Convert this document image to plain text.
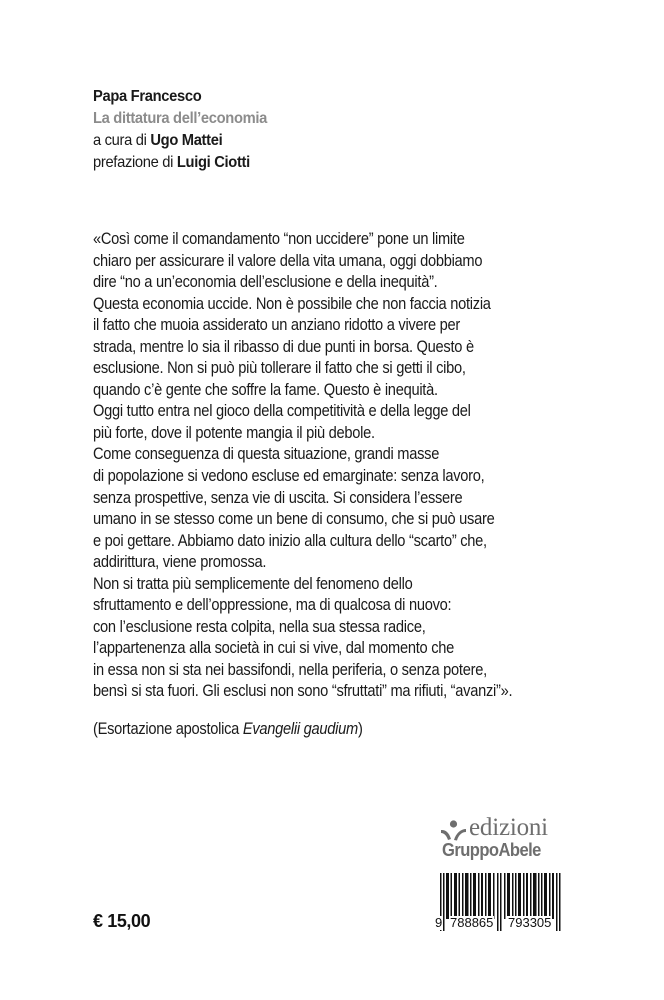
Papa Francesco
La dittatura dell’economia
a cura di Ugo Mattei
prefazione di Luigi Ciotti
«Così come il comandamento “non uccidere” pone un limite
chiaro per assicurare il valore della vita umana, oggi dobbiamo
dire “no a un’economia dell’esclusione e della inequità”.
Questa economia uccide. Non è possibile che non faccia notizia
il fatto che muoia assiderato un anziano ridotto a vivere per
strada, mentre lo sia il ribasso di due punti in borsa. Questo è
esclusione. Non si può più tollerare il fatto che si getti il cibo,
quando c’è gente che soffre la fame. Questo è inequità.
Oggi tutto entra nel gioco della competitività e della legge del
più forte, dove il potente mangia il più debole.
Come conseguenza di questa situazione, grandi masse
di popolazione si vedono escluse ed emarginate: senza lavoro,
senza prospettive, senza vie di uscita. Si considera l’essere
umano in se stesso come un bene di consumo, che si può usare
e poi gettare. Abbiamo dato inizio alla cultura dello “scarto” che,
addirittura, viene promossa.
Non si tratta più semplicemente del fenomeno dello
sfruttamento e dell’oppressione, ma di qualcosa di nuovo:
con l’esclusione resta colpita, nella sua stessa radice,
l’appartenenza alla società in cui si vive, dal momento che
in essa non si sta nei bassifondi, nella periferia, o senza potere,
bensì si sta fuori. Gli esclusi non sono “sfruttati” ma rifiuti, “avanzi”».
(Esortazione apostolica Evangelii gaudium)
edizioni
GruppoAbele
9 788865 793305
€ 15,00
